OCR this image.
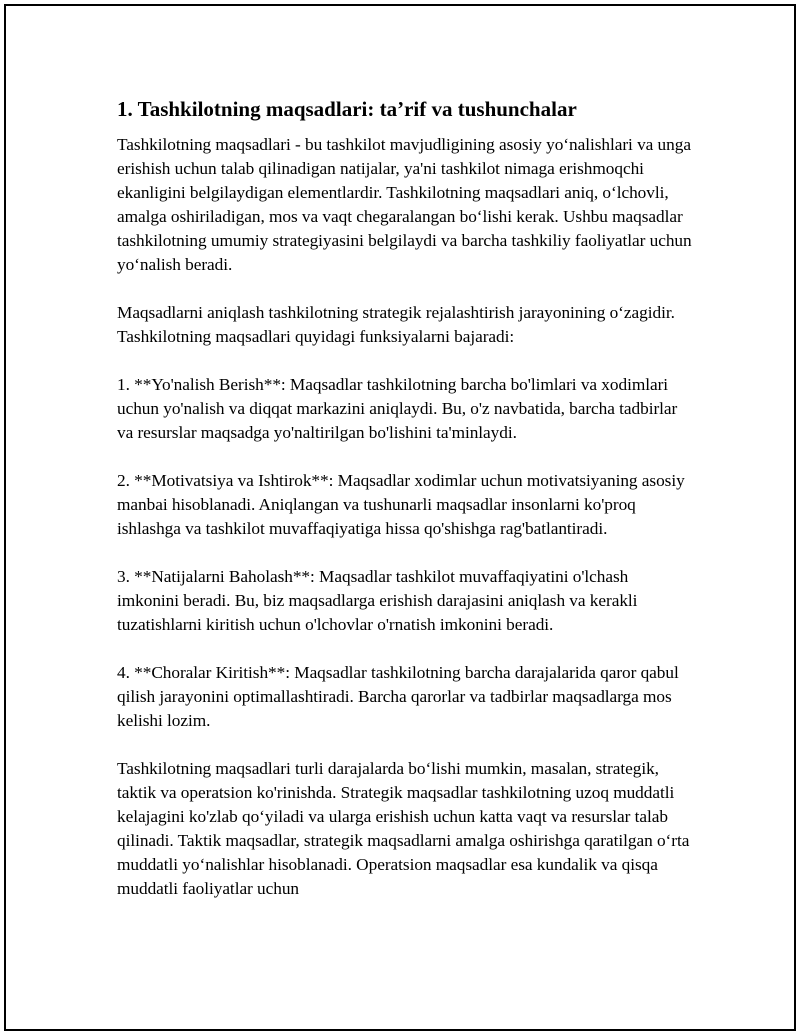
1. Tashkilotning maqsadlari: ta’rif va tushunchalar

Tashkilotning maqsadlari - bu tashkilot mavjudligining asosiy yo‘nalishlari va unga erishish uchun talab qilinadigan natijalar, ya'ni tashkilot nimaga erishmoqchi ekanligini belgilaydigan elementlardir. Tashkilotning maqsadlari aniq, o‘lchovli, amalga oshiriladigan, mos va vaqt chegaralangan bo‘lishi kerak. Ushbu maqsadlar tashkilotning umumiy strategiyasini belgilaydi va barcha tashkiliy faoliyatlar uchun yo‘nalish beradi.

Maqsadlarni aniqlash tashkilotning strategik rejalashtirish jarayonining o‘zagidir. Tashkilotning maqsadlari quyidagi funksiyalarni bajaradi:

1. **Yo'nalish Berish**: Maqsadlar tashkilotning barcha bo'limlari va xodimlari uchun yo'nalish va diqqat markazini aniqlaydi. Bu, o'z navbatida, barcha tadbirlar va resurslar maqsadga yo'naltirilgan bo'lishini ta'minlaydi.

2. **Motivatsiya va Ishtirok**: Maqsadlar xodimlar uchun motivatsiyaning asosiy manbai hisoblanadi. Aniqlangan va tushunarli maqsadlar insonlarni ko'proq ishlashga va tashkilot muvaffaqiyatiga hissa qo'shishga rag'batlantiradi.

3. **Natijalarni Baholash**: Maqsadlar tashkilot muvaffaqiyatini o'lchash imkonini beradi. Bu, biz maqsadlarga erishish darajasini aniqlash va kerakli tuzatishlarni kiritish uchun o'lchovlar o'rnatish imkonini beradi.

4. **Choralar Kiritish**: Maqsadlar tashkilotning barcha darajalarida qaror qabul qilish jarayonini optimallashtiradi. Barcha qarorlar va tadbirlar maqsadlarga mos kelishi lozim.

Tashkilotning maqsadlari turli darajalarda bo‘lishi mumkin, masalan, strategik, taktik va operatsion ko'rinishda. Strategik maqsadlar tashkilotning uzoq muddatli kelajagini ko'zlab qo‘yiladi va ularga erishish uchun katta vaqt va resurslar talab qilinadi. Taktik maqsadlar, strategik maqsadlarni amalga oshirishga qaratilgan o‘rta muddatli yo‘nalishlar hisoblanadi. Operatsion maqsadlar esa kundalik va qisqa muddatli faoliyatlar uchun
